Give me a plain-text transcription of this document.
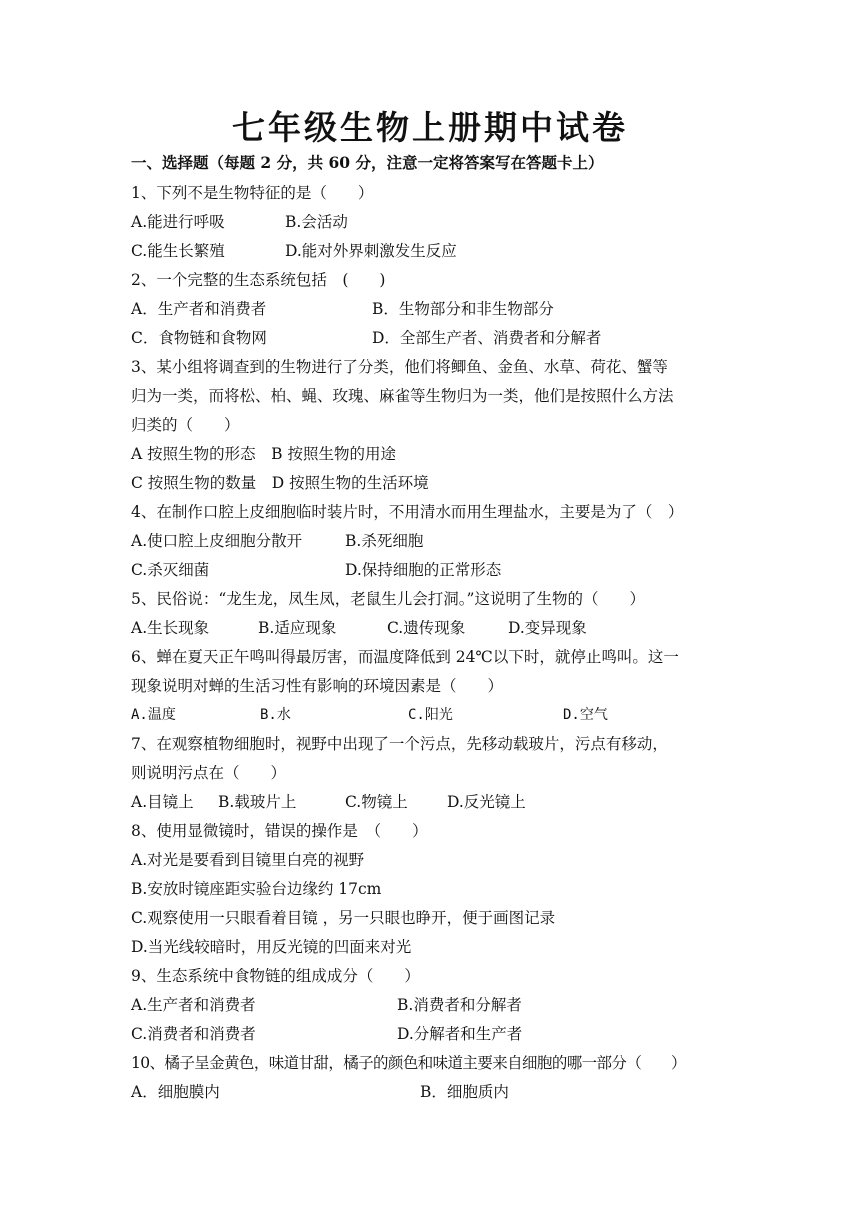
七年级生物上册期中试卷
一、选择题（每题 2 分，共 60 分，注意一定将答案写在答题卡上）
1、下列不是生物特征的是（　　）
A.能进行呼吸	B.会活动
C.能生长繁殖	D.能对外界刺激发生反应
2、一个完整的生态系统包括　(　　)
A．生产者和消费者	B．生物部分和非生物部分
C．食物链和食物网	D．全部生产者、消费者和分解者
3、某小组将调查到的生物进行了分类，他们将鲫鱼、金鱼、水草、荷花、蟹等
归为一类，而将松、柏、蝇、玫瑰、麻雀等生物归为一类，他们是按照什么方法
归类的（　　）
A 按照生物的形态　B 按照生物的用途
C 按照生物的数量　D 按照生物的生活环境
4、在制作口腔上皮细胞临时装片时，不用清水而用生理盐水，主要是为了（　）
A.使口腔上皮细胞分散开	B.杀死细胞
C.杀灭细菌	D.保持细胞的正常形态
5、民俗说：“龙生龙，凤生凤，老鼠生儿会打洞。”这说明了生物的（　　）
A.生长现象	B.适应现象	C.遗传现象	D.变异现象
6、蝉在夏天正午鸣叫得最厉害，而温度降低到 24℃以下时，就停止鸣叫。这一
现象说明对蝉的生活习性有影响的环境因素是（　　）
A.温度	B.水	C.阳光	D.空气
7、在观察植物细胞时，视野中出现了一个污点，先移动载玻片，污点有移动，
则说明污点在（　　）
A.目镜上 B.载玻片上	C.物镜上	D.反光镜上
8、使用显微镜时，错误的操作是　（　　）
A.对光是要看到目镜里白亮的视野
B.安放时镜座距实验台边缘约 17cm
C.观察使用一只眼看着目镜 ，另一只眼也睁开，便于画图记录
D.当光线较暗时，用反光镜的凹面来对光
9、生态系统中食物链的组成成分（　　）
A.生产者和消费者	B.消费者和分解者
C.消费者和消费者	D.分解者和生产者
10、橘子呈金黄色，味道甘甜，橘子的颜色和味道主要来自细胞的哪一部分（　　）
A．细胞膜内	B．细胞质内
